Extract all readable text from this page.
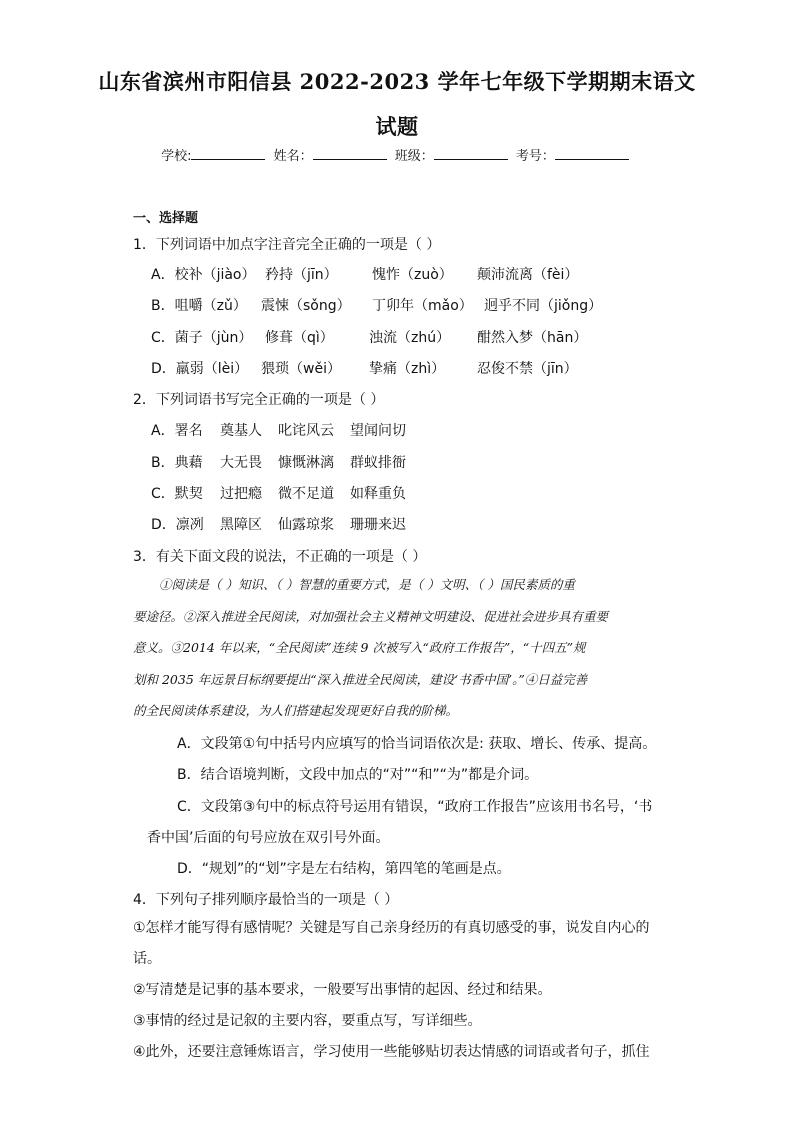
山东省滨州市阳信县 2022-2023 学年七年级下学期期末语文
试题
学校:	姓名：	班级：	考号：
一、选择题
1．下列词语中加点字注音完全正确的一项是（ ）
A．校补（jiào） 矜持（jīn） 愧怍（zuò） 颠沛流离（fèi）
B．咀嚼（zǔ） 震悚（sǒng） 丁卯年（mǎo） 迥乎不同（jiǒng）
C．菌子（jùn） 修葺（qì）	浊流（zhú） 酣然入梦（hān）
D．羸弱（lèi） 猥琐（wěi） 挚痛（zhì） 忍俊不禁（jīn）
2．下列词语书写完全正确的一项是（ ）
A．署名 奠基人 叱诧风云 望闻问切
B．典藉 大无畏 慷慨淋漓 群蚁排衙
C．默契 过把瘾 微不足道 如释重负
D．凛冽 黑障区 仙露琼浆 珊珊来迟
3．有关下面文段的说法，不正确的一项是（ ）
①阅读是（ ）知识、（ ）智慧的重要方式，是（ ）文明、（ ）国民素质的重
要途径。②深入推进全民阅读，对加强社会主义精神文明建设、促进社会进步具有重要
意义。③2014 年以来，“全民阅读”连续 9 次被写入“政府工作报告”，“十四五”规
划和 2035 年远景目标纲要提出“深入推进全民阅读，建设‘书香中国’。”④日益完善
的全民阅读体系建设，为人们搭建起发现更好自我的阶梯。
A．文段第①句中括号内应填写的恰当词语依次是: 获取、增长、传承、提高。
B．结合语境判断，文段中加点的“对”“和”“为”都是介词。
C．文段第③句中的标点符号运用有错误，“政府工作报告”应该用书名号，‘书
香中国’后面的句号应放在双引号外面。
D．“规划”的“划”字是左右结构，第四笔的笔画是点。
4．下列句子排列顺序最恰当的一项是（ ）
①怎样才能写得有感情呢？关键是写自己亲身经历的有真切感受的事，说发自内心的
话。
②写清楚是记事的基本要求，一般要写出事情的起因、经过和结果。
③事情的经过是记叙的主要内容，要重点写，写详细些。
④此外，还要注意锤炼语言，学习使用一些能够贴切表达情感的词语或者句子，抓住
